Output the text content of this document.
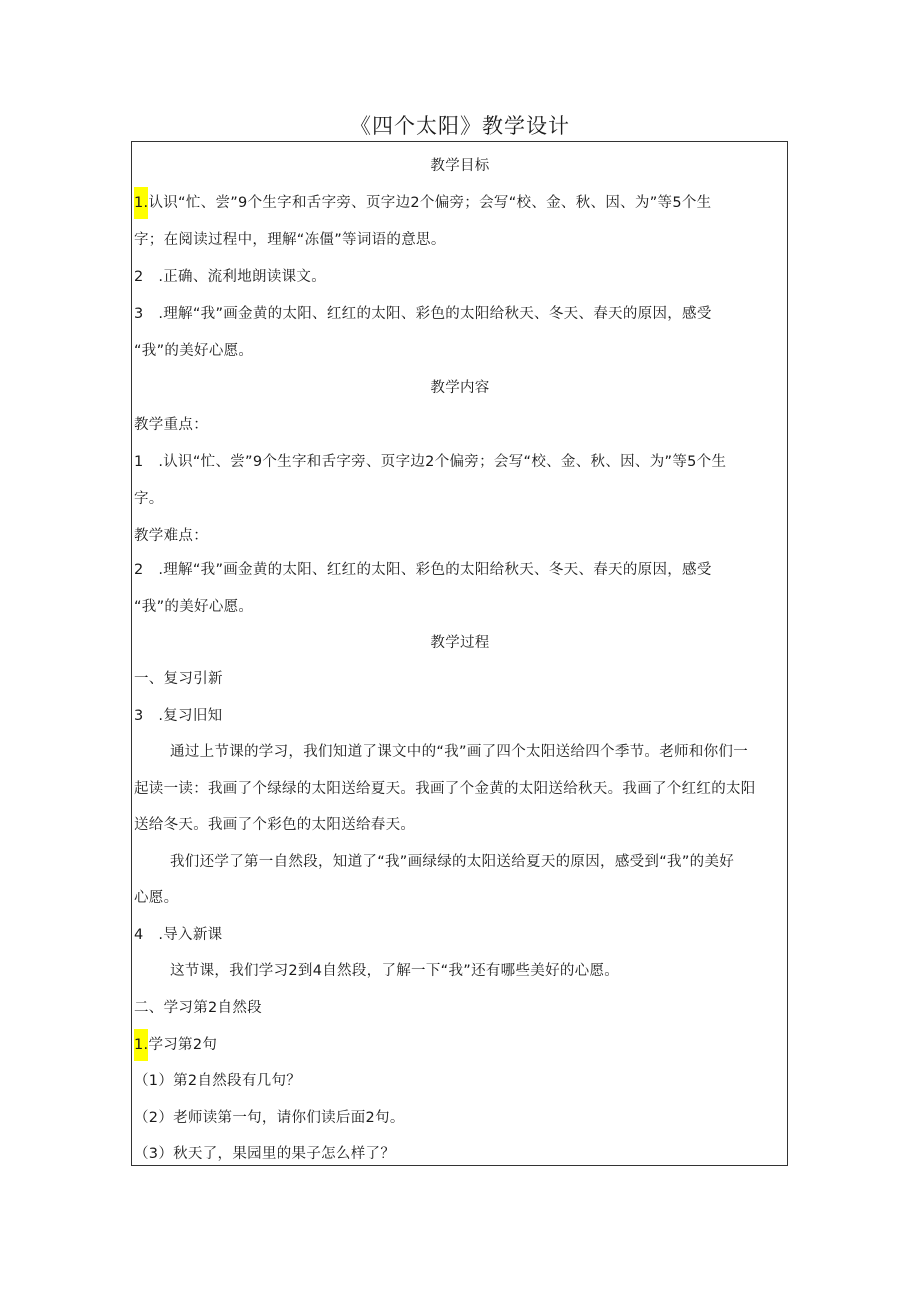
《四个太阳》教学设计
教学目标
1.认识“忙、尝”9个生字和舌字旁、页字边2个偏旁；会写“校、金、秋、因、为”等5个生
字；在阅读过程中，理解“冻僵”等词语的意思。
2　.正确、流利地朗读课文。
3　.理解“我”画金黄的太阳、红红的太阳、彩色的太阳给秋天、冬天、春天的原因，感受
“我”的美好心愿。
教学内容
教学重点：
1　.认识“忙、尝”9个生字和舌字旁、页字边2个偏旁；会写“校、金、秋、因、为”等5个生
字。
教学难点：
2　.理解“我”画金黄的太阳、红红的太阳、彩色的太阳给秋天、冬天、春天的原因，感受
“我”的美好心愿。
教学过程
一、复习引新
3　.复习旧知
通过上节课的学习，我们知道了课文中的“我”画了四个太阳送给四个季节。老师和你们一
起读一读：我画了个绿绿的太阳送给夏天。我画了个金黄的太阳送给秋天。我画了个红红的太阳
送给冬天。我画了个彩色的太阳送给春天。
我们还学了第一自然段，知道了“我”画绿绿的太阳送给夏天的原因，感受到“我”的美好
心愿。
4　.导入新课
这节课，我们学习2到4自然段，了解一下“我”还有哪些美好的心愿。
二、学习第2自然段
1.学习第2句
（1）第2自然段有几句？
（2）老师读第一句，请你们读后面2句。
（3）秋天了，果园里的果子怎么样了？
